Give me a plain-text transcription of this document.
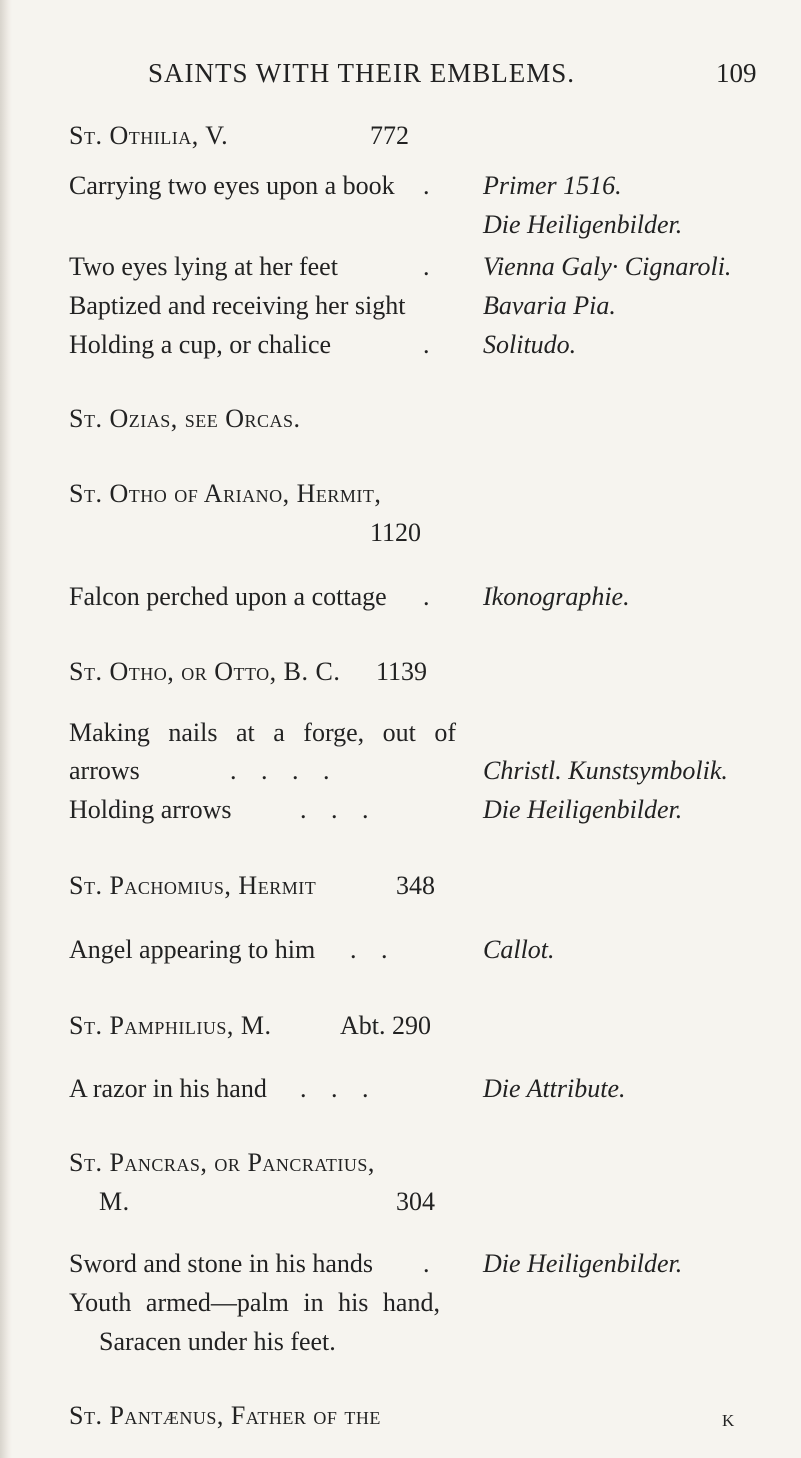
SAINTS WITH THEIR EMBLEMS.	109
St. Othilia, V.	772
Carrying two eyes upon a book . Primer 1516.
Die Heiligenbilder.
Two eyes lying at her feet	. Vienna Galy· Cignaroli.
Baptized and receiving her sight	Bavaria Pia.
Holding a cup, or chalice	. Solitudo.
St. Ozias, see Orcas.
St. Otho of Ariano, Hermit,
1120
Falcon perched upon a cottage . Ikonographie.
St. Otho, or Otto, B. C. 1139
Making nails at a forge, out of
arrows	. . . .	Christl. Kunstsymbolik.
Holding arrows	. . .	Die Heiligenbilder.
St. Pachomius, Hermit	348
Angel appearing to him . .	Callot.
St. Pamphilius, M.	Abt. 290
A razor in his hand . . .	Die Attribute.
St. Pancras, or Pancratius,
M.	304
Sword and stone in his hands . Die Heiligenbilder.
Youth armed—palm in his hand,
Saracen under his feet.
St. Pantænus, Father of the	K
